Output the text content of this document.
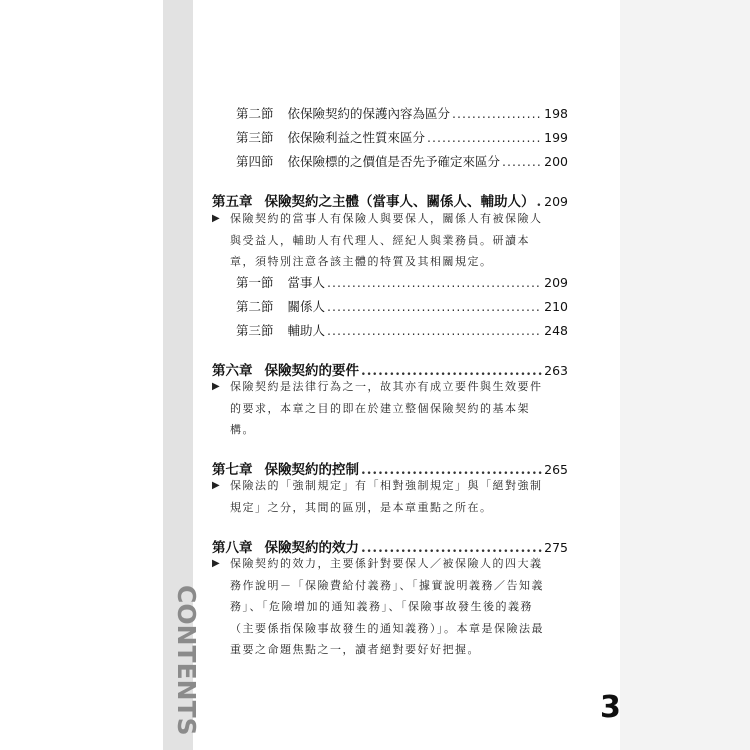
CONTENTS
第二節 依保險契約的保護內容為區分 .....	198
第三節 依保險利益之性質來區分 .....	199
第四節 依保險標的之價值是否先予確定來區分 .....	200
第五章 保險契約之主體（當事人、關係人、輔助人） ..... 209
▶ 保險契約的當事人有保險人與要保人，關係人有被保險人與受益人，輔助人有代理人、經紀人與業務員。研讀本章，須特別注意各該主體的特質及其相關規定。
第一節 當事人 .....	209
第二節 關係人 .....	210
第三節 輔助人 .....	248
第六章 保險契約的要件 .....	263
▶ 保險契約是法律行為之一，故其亦有成立要件與生效要件的要求，本章之目的即在於建立整個保險契約的基本架構。
第七章 保險契約的控制 .....	265
▶ 保險法的「強制規定」有「相對強制規定」與「絕對強制規定」之分，其間的區別，是本章重點之所在。
第八章 保險契約的效力 .....	275
▶ 保險契約的效力，主要係針對要保人／被保險人的四大義務作說明－「保險費給付義務」、「據實說明義務／告知義務」、「危險增加的通知義務」、「保險事故發生後的義務（主要係指保險事故發生的通知義務）」。本章是保險法最重要之命題焦點之一，讀者絕對要好好把握。
3
